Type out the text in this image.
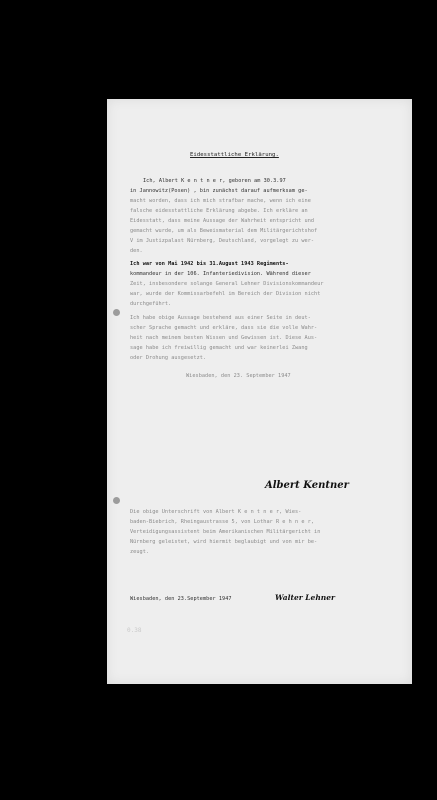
Eidesstattliche Erklärung.
Ich, Albert K e n t n e r, geboren am 30.3.97
in Jannowitz(Posen) , bin zunächst darauf aufmerksam ge-
macht worden, dass ich mich strafbar mache, wenn ich eine
falsche eidesstattliche Erklärung abgebe. Ich erkläre an
Eidesstatt, dass meine Aussage der Wahrheit entspricht und
gemacht wurde, um als Beweismaterial dem Militärgerichtshof
V im Justizpalast Nürnberg, Deutschland, vorgelegt zu wer-
den.
Ich war von Mai 1942 bis 31.August 1943 Regiments-
kommandeur in der 106. Infanteriedivision. Während dieser
Zeit, insbesondere solange General Lehner Divisionskommandeur
war, wurde der Kommissarbefehl im Bereich der Division nicht
durchgeführt.
Ich habe obige Aussage bestehend aus einer Seite in deut-
scher Sprache gemacht und erkläre, dass sie die volle Wahr-
heit nach meinem besten Wissen und Gewissen ist. Diese Aus-
sage habe ich freiwillig gemacht und war keinerlei Zwang
oder Drohung ausgesetzt.
Wiesbaden, den 23. September 1947
Albert Kentner
Die obige Unterschrift von Albert K e n t n e r, Wies-
baden-Biebrich, Rheingaustrasse 5, von Lothar R e h n e r,
Verteidigungsassistent beim Amerikanischen Militärgericht in
Nürnberg geleistet, wird hiermit beglaubigt und von mir be-
zeugt.
Wiesbaden, den 23.September 1947	Walter Lehner
0.38
